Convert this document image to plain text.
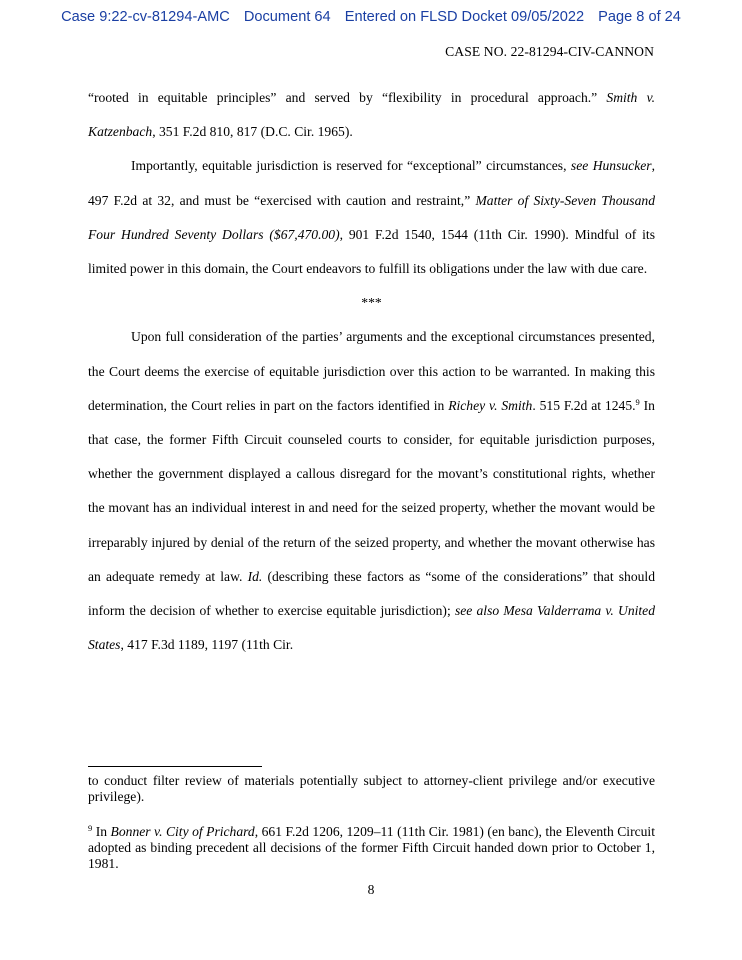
Case 9:22-cv-81294-AMC Document 64 Entered on FLSD Docket 09/05/2022 Page 8 of 24
CASE NO. 22-81294-CIV-CANNON

“rooted in equitable principles” and served by “flexibility in procedural approach.” Smith v. Katzenbach, 351 F.2d 810, 817 (D.C. Cir. 1965).

Importantly, equitable jurisdiction is reserved for “exceptional” circumstances, see Hunsucker, 497 F.2d at 32, and must be “exercised with caution and restraint,” Matter of Sixty-Seven Thousand Four Hundred Seventy Dollars ($67,470.00), 901 F.2d 1540, 1544 (11th Cir. 1990). Mindful of its limited power in this domain, the Court endeavors to fulfill its obligations under the law with due care.

***

Upon full consideration of the parties’ arguments and the exceptional circumstances presented, the Court deems the exercise of equitable jurisdiction over this action to be warranted. In making this determination, the Court relies in part on the factors identified in Richey v. Smith. 515 F.2d at 1245.$^9$ In that case, the former Fifth Circuit counseled courts to consider, for equitable jurisdiction purposes, whether the government displayed a callous disregard for the movant’s constitutional rights, whether the movant has an individual interest in and need for the seized property, whether the movant would be irreparably injured by denial of the return of the seized property, and whether the movant otherwise has an adequate remedy at law. Id. (describing these factors as “some of the considerations” that should inform the decision of whether to exercise equitable jurisdiction); see also Mesa Valderrama v. United States, 417 F.3d 1189, 1197 (11th Cir.

to conduct filter review of materials potentially subject to attorney-client privilege and/or executive privilege).

$^9$ In Bonner v. City of Prichard, 661 F.2d 1206, 1209–11 (11th Cir. 1981) (en banc), the Eleventh Circuit adopted as binding precedent all decisions of the former Fifth Circuit handed down prior to October 1, 1981.

8
